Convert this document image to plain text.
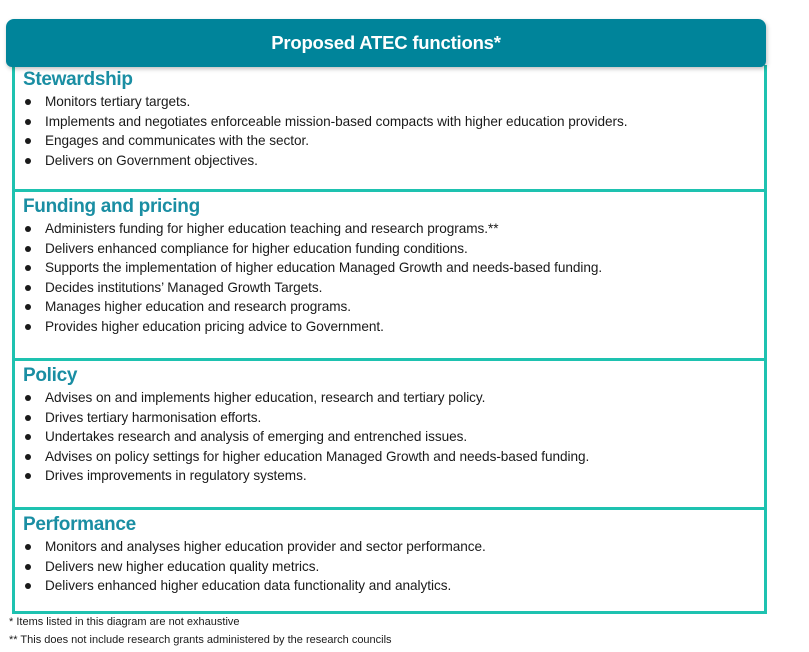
Proposed ATEC functions*
Stewardship
Monitors tertiary targets.
Implements and negotiates enforceable mission-based compacts with higher education providers.
Engages and communicates with the sector.
Delivers on Government objectives.
Funding and pricing
Administers funding for higher education teaching and research programs.**
Delivers enhanced compliance for higher education funding conditions.
Supports the implementation of higher education Managed Growth and needs-based funding.
Decides institutions’ Managed Growth Targets.
Manages higher education and research programs.
Provides higher education pricing advice to Government.
Policy
Advises on and implements higher education, research and tertiary policy.
Drives tertiary harmonisation efforts.
Undertakes research and analysis of emerging and entrenched issues.
Advises on policy settings for higher education Managed Growth and needs-based funding.
Drives improvements in regulatory systems.
Performance
Monitors and analyses higher education provider and sector performance.
Delivers new higher education quality metrics.
Delivers enhanced higher education data functionality and analytics.
* Items listed in this diagram are not exhaustive
** This does not include research grants administered by the research councils
